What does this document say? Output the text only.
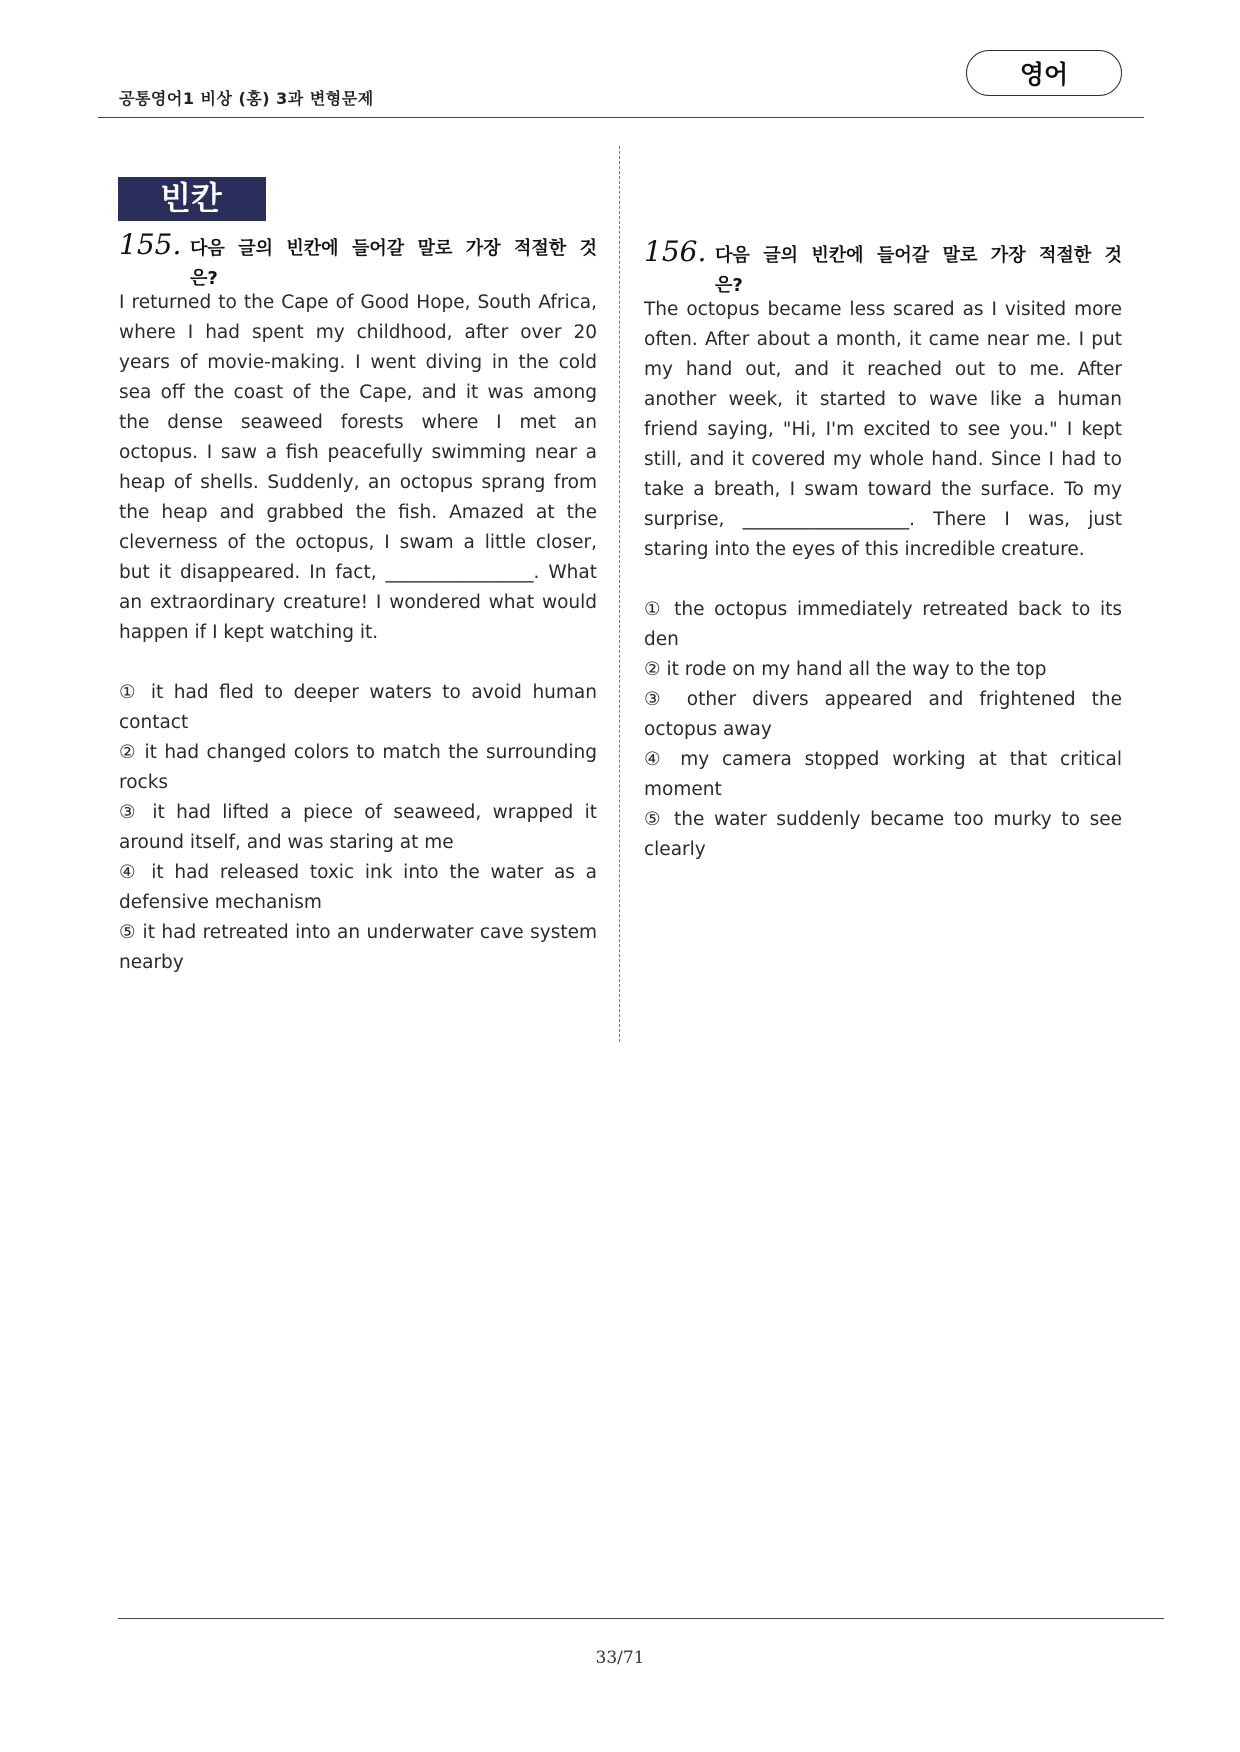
공통영어1 비상 (홍) 3과 변형문제
영어
빈칸
155. 다음 글의 빈칸에 들어갈 말로 가장 적절한 것
은?

I returned to the Cape of Good Hope, South Africa, where I had spent my childhood, after over 20 years of movie-making. I went diving in the cold sea off the coast of the Cape, and it was among the dense seaweed forests where I met an octopus. I saw a fish peacefully swimming near a heap of shells. Suddenly, an octopus sprang from the heap and grabbed the fish. Amazed at the cleverness of the octopus, I swam a little closer, but it disappeared. In fact, ________________. What an extraordinary creature! I wondered what would happen if I kept watching it.

① it had fled to deeper waters to avoid human contact
② it had changed colors to match the surrounding rocks
③ it had lifted a piece of seaweed, wrapped it around itself, and was staring at me
④ it had released toxic ink into the water as a defensive mechanism
⑤ it had retreated into an underwater cave system nearby
156. 다음 글의 빈칸에 들어갈 말로 가장 적절한 것
은?

The octopus became less scared as I visited more often. After about a month, it came near me. I put my hand out, and it reached out to me. After another week, it started to wave like a human friend saying, "Hi, I'm excited to see you." I kept still, and it covered my whole hand. Since I had to take a breath, I swam toward the surface. To my surprise, __________________. There I was, just staring into the eyes of this incredible creature.

① the octopus immediately retreated back to its den
② it rode on my hand all the way to the top
③ other divers appeared and frightened the octopus away
④ my camera stopped working at that critical moment
⑤ the water suddenly became too murky to see clearly
33/71
